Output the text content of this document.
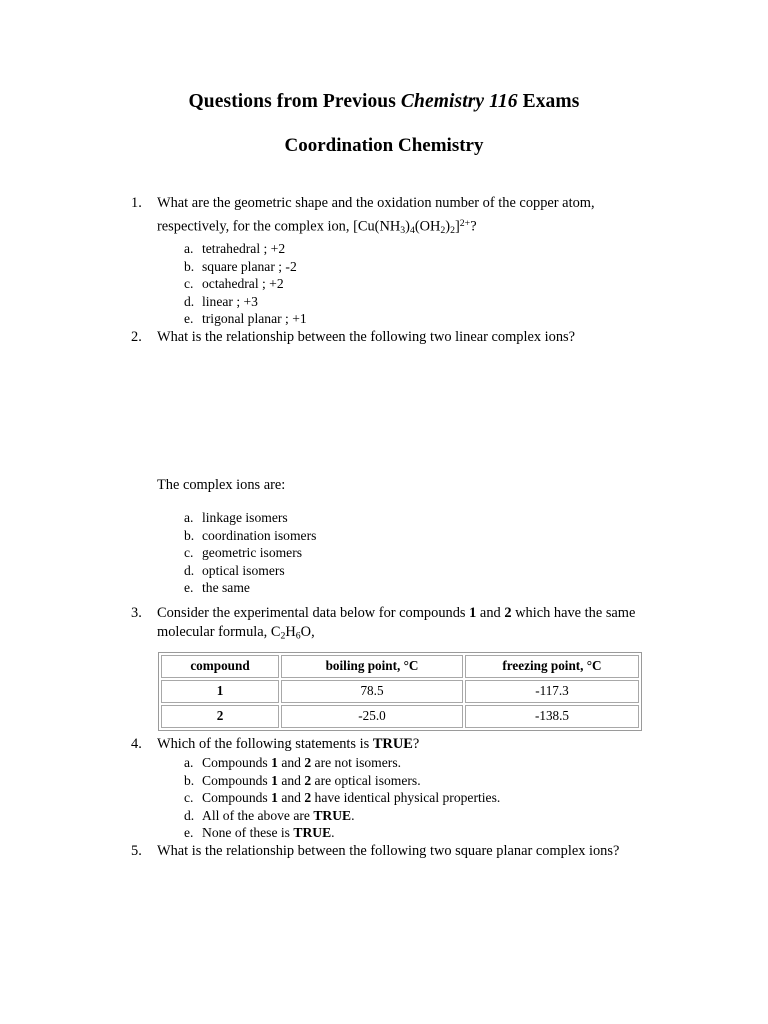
Questions from Previous Chemistry 116 Exams
Coordination Chemistry
1.	What are the geometric shape and the oxidation number of the copper atom, respectively, for the complex ion, $[Cu(NH_3)_4(OH_2)_2]^{2+}$?
a. tetrahedral ; +2
b. square planar ; -2
c. octahedral ; +2
d. linear ; +3
e. trigonal planar ; +1
2.	What is the relationship between the following two linear complex ions?
The complex ions are:
a. linkage isomers
b. coordination isomers
c. geometric isomers
d. optical isomers
e. the same
3.	Consider the experimental data below for compounds 1 and 2 which have the same molecular formula, $C_2H_6O$,
compound	boiling point, °C	freezing point, °C
1	78.5	-117.3
2	-25.0	-138.5
4.	Which of the following statements is TRUE?
a. Compounds 1 and 2 are not isomers.
b. Compounds 1 and 2 are optical isomers.
c. Compounds 1 and 2 have identical physical properties.
d. All of the above are TRUE.
e. None of these is TRUE.
5.	What is the relationship between the following two square planar complex ions?
